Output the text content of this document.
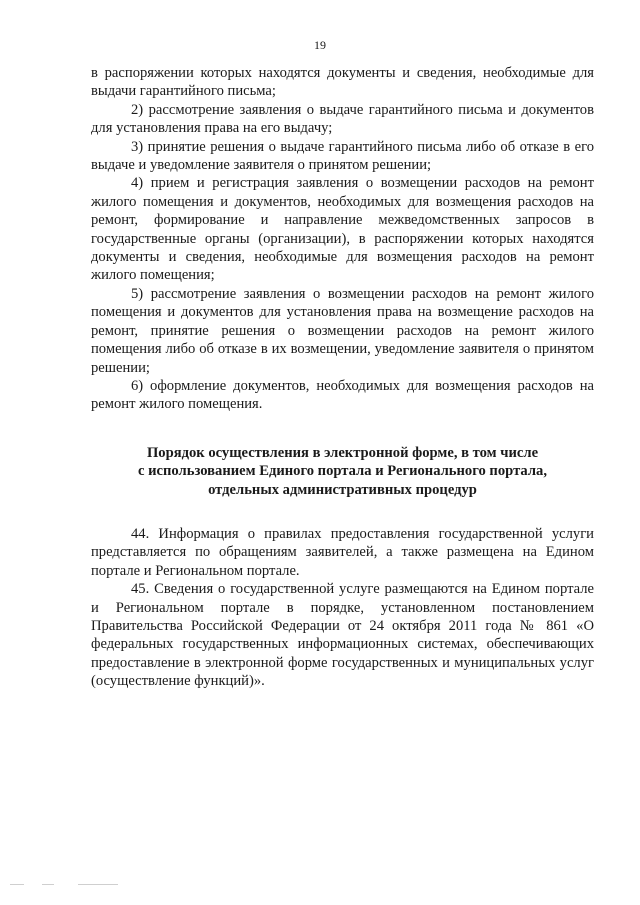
19

в распоряжении которых находятся документы и сведения, необходимые для выдачи гарантийного письма;

2) рассмотрение заявления о выдаче гарантийного письма и документов для установления права на его выдачу;

3) принятие решения о выдаче гарантийного письма либо об отказе в его выдаче и уведомление заявителя о принятом решении;

4) прием и регистрация заявления о возмещении расходов на ремонт жилого помещения и документов, необходимых для возмещения расходов на ремонт, формирование и направление межведомственных запросов в государственные органы (организации), в распоряжении которых находятся документы и сведения, необходимые для возмещения расходов на ремонт жилого помещения;

5) рассмотрение заявления о возмещении расходов на ремонт жилого помещения и документов для установления права на возмещение расходов на ремонт, принятие решения о возмещении расходов на ремонт жилого помещения либо об отказе в их возмещении, уведомление заявителя о принятом решении;

6) оформление документов, необходимых для возмещения расходов на ремонт жилого помещения.

Порядок осуществления в электронной форме, в том числе
с использованием Единого портала и Регионального портала,
отдельных административных процедур

44. Информация о правилах предоставления государственной услуги представляется по обращениям заявителей, а также размещена на Едином портале и Региональном портале.

45. Сведения о государственной услуге размещаются на Едином портале и Региональном портале в порядке, установленном постановлением Правительства Российской Федерации от 24 октября 2011 года № 861 «О федеральных государственных информационных системах, обеспечивающих предоставление в электронной форме государственных и муниципальных услуг (осуществление функций)».
